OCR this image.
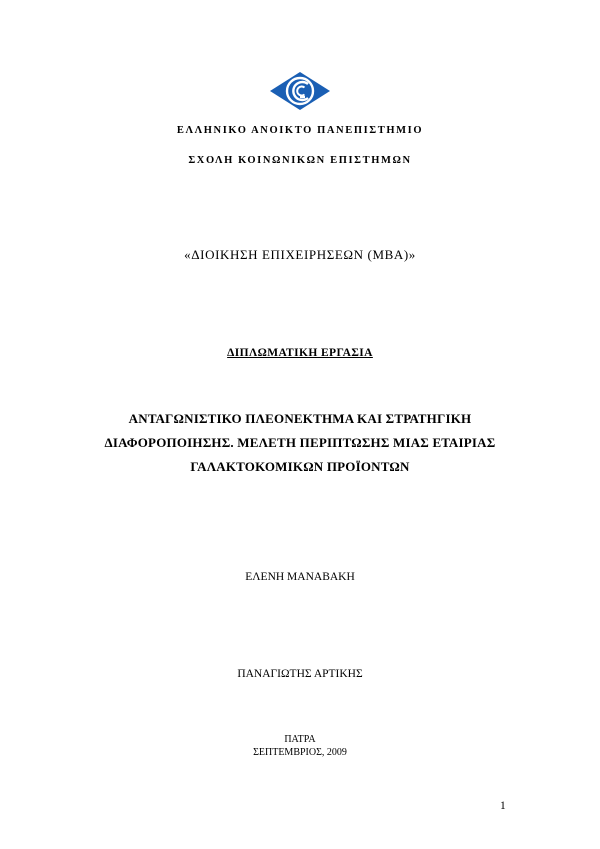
ΕΛΛΗΝΙΚΟ ΑΝΟΙΚΤΟ ΠΑΝΕΠΙΣΤΗΜΙΟ
ΣΧΟΛΗ ΚΟΙΝΩΝΙΚΩΝ ΕΠΙΣΤΗΜΩΝ
«ΔΙΟΙΚΗΣΗ ΕΠΙΧΕΙΡΗΣΕΩΝ (ΜΒΑ)»
ΔΙΠΛΩΜΑΤΙΚΗ ΕΡΓΑΣΙΑ
ΑΝΤΑΓΩΝΙΣΤΙΚΟ ΠΛΕΟΝΕΚΤΗΜΑ ΚΑΙ ΣΤΡΑΤΗΓΙΚΗ
ΔΙΑΦΟΡΟΠΟΙΗΣΗΣ. ΜΕΛΕΤΗ ΠΕΡΙΠΤΩΣΗΣ ΜΙΑΣ ΕΤΑΙΡΙΑΣ
ΓΑΛΑΚΤΟΚΟΜΙΚΩΝ ΠΡΟΪΟΝΤΩΝ
ΕΛΕΝΗ ΜΑΝΑΒΑΚΗ
ΠΑΝΑΓΙΩΤΗΣ ΑΡΤΙΚΗΣ
ΠΑΤΡΑ
ΣΕΠΤΕΜΒΡΙΟΣ, 2009
1
